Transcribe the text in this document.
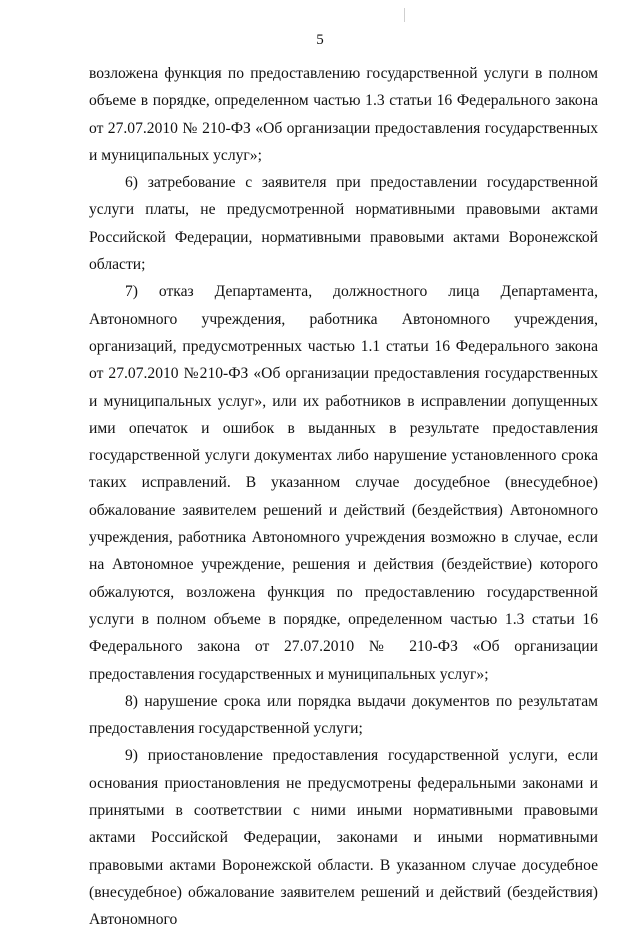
5

возложена функция по предоставлению государственной услуги в полном объеме в порядке, определенном частью 1.3 статьи 16 Федерального закона от 27.07.2010 № 210-ФЗ «Об организации предоставления государственных и муниципальных услуг»;

6) затребование с заявителя при предоставлении государственной услуги платы, не предусмотренной нормативными правовыми актами Российской Федерации, нормативными правовыми актами Воронежской области;

7) отказ Департамента, должностного лица Департамента, Автономного учреждения, работника Автономного учреждения, организаций, предусмотренных частью 1.1 статьи 16 Федерального закона от 27.07.2010 №210-ФЗ «Об организации предоставления государственных и муниципальных услуг», или их работников в исправлении допущенных ими опечаток и ошибок в выданных в результате предоставления государственной услуги документах либо нарушение установленного срока таких исправлений. В указанном случае досудебное (внесудебное) обжалование заявителем решений и действий (бездействия) Автономного учреждения, работника Автономного учреждения возможно в случае, если на Автономное учреждение, решения и действия (бездействие) которого обжалуются, возложена функция по предоставлению государственной услуги в полном объеме в порядке, определенном частью 1.3 статьи 16 Федерального закона от 27.07.2010 № 210-ФЗ «Об организации предоставления государственных и муниципальных услуг»;

8) нарушение срока или порядка выдачи документов по результатам предоставления государственной услуги;

9) приостановление предоставления государственной услуги, если основания приостановления не предусмотрены федеральными законами и принятыми в соответствии с ними иными нормативными правовыми актами Российской Федерации, законами и иными нормативными правовыми актами Воронежской области. В указанном случае досудебное (внесудебное) обжалование заявителем решений и действий (бездействия) Автономного
